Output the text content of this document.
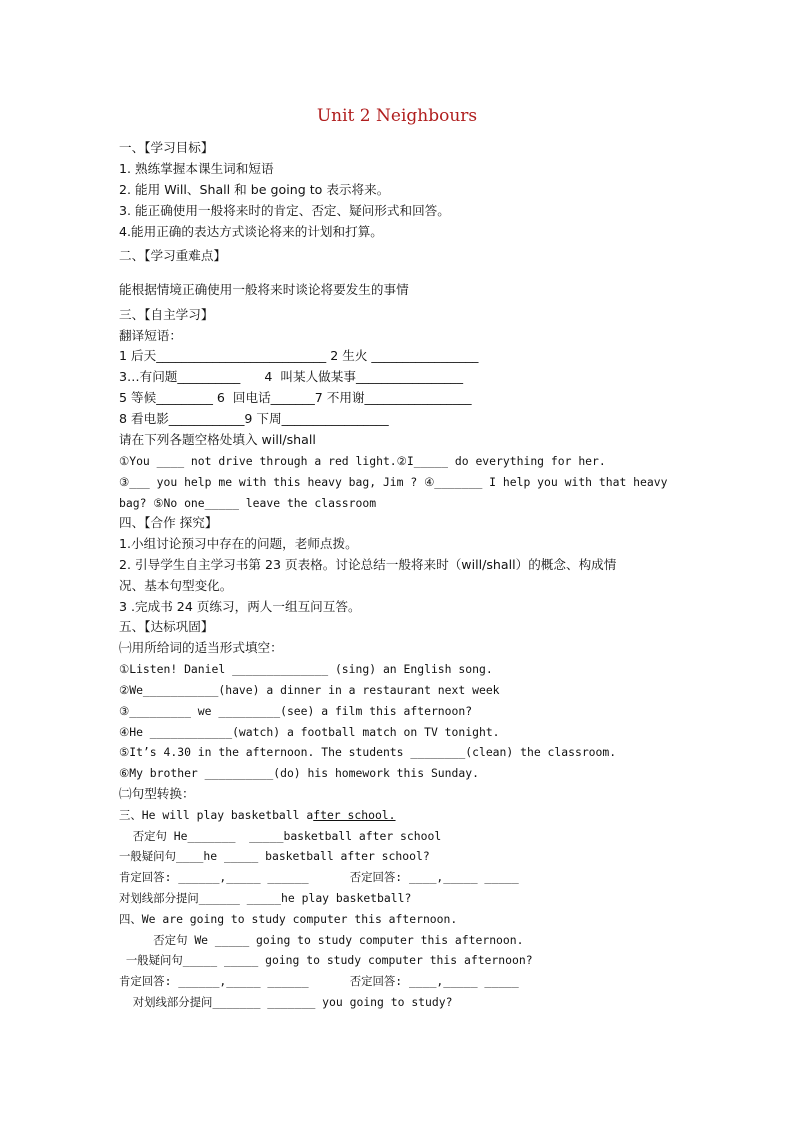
Unit 2 Neighbours
一、【学习目标】
1. 熟练掌握本课生词和短语
2. 能用 Will、Shall 和 be going to 表示将来。
3. 能正确使用一般将来时的肯定、否定、疑问形式和回答。
4.能用正确的表达方式谈论将来的计划和打算。
二、【学习重难点】
能根据情境正确使用一般将来时谈论将要发生的事情
三、【自主学习】
翻译短语：
1 后天___________________________ 2 生火 _________________
3…有问题__________      4  叫某人做某事_________________
5 等候_________ 6  回电话_______7 不用谢_________________
8 看电影____________9 下周_________________
请在下列各题空格处填入 will/shall
①You ____ not drive through a red light.②I_____ do everything for her.
③___ you help me with this heavy bag, Jim ? ④_______ I help you with that heavy
bag? ⑤No one_____ leave the classroom
四、【合作 探究】
1.小组讨论预习中存在的问题，老师点拨。
2. 引导学生自主学习书第 23 页表格。讨论总结一般将来时（will/shall）的概念、构成情
况、基本句型变化。
3 .完成书 24 页练习，两人一组互问互答。
五、【达标巩固】
㈠用所给词的适当形式填空：
①Listen! Daniel ______________ (sing) an English song.
②We___________(have) a dinner in a restaurant next week
③_________ we _________(see) a film this afternoon?
④He ____________(watch) a football match on TV tonight.
⑤It’s 4.30 in the afternoon. The students ________(clean) the classroom.
⑥My brother __________(do) his homework this Sunday.
㈡句型转换：
三、He will play basketball after school.
否定句 He_______  _____basketball after school
一般疑问句____he _____ basketball after school?
肯定回答: ______,_____ ______      否定回答: ____,_____ _____
对划线部分提问______ _____he play basketball?
四、We are going to study computer this afternoon.
否定句 We _____ going to study computer this afternoon.
一般疑问句_____ _____ going to study computer this afternoon?
肯定回答: ______,_____ ______      否定回答: ____,_____ _____
对划线部分提问_______ _______ you going to study?
